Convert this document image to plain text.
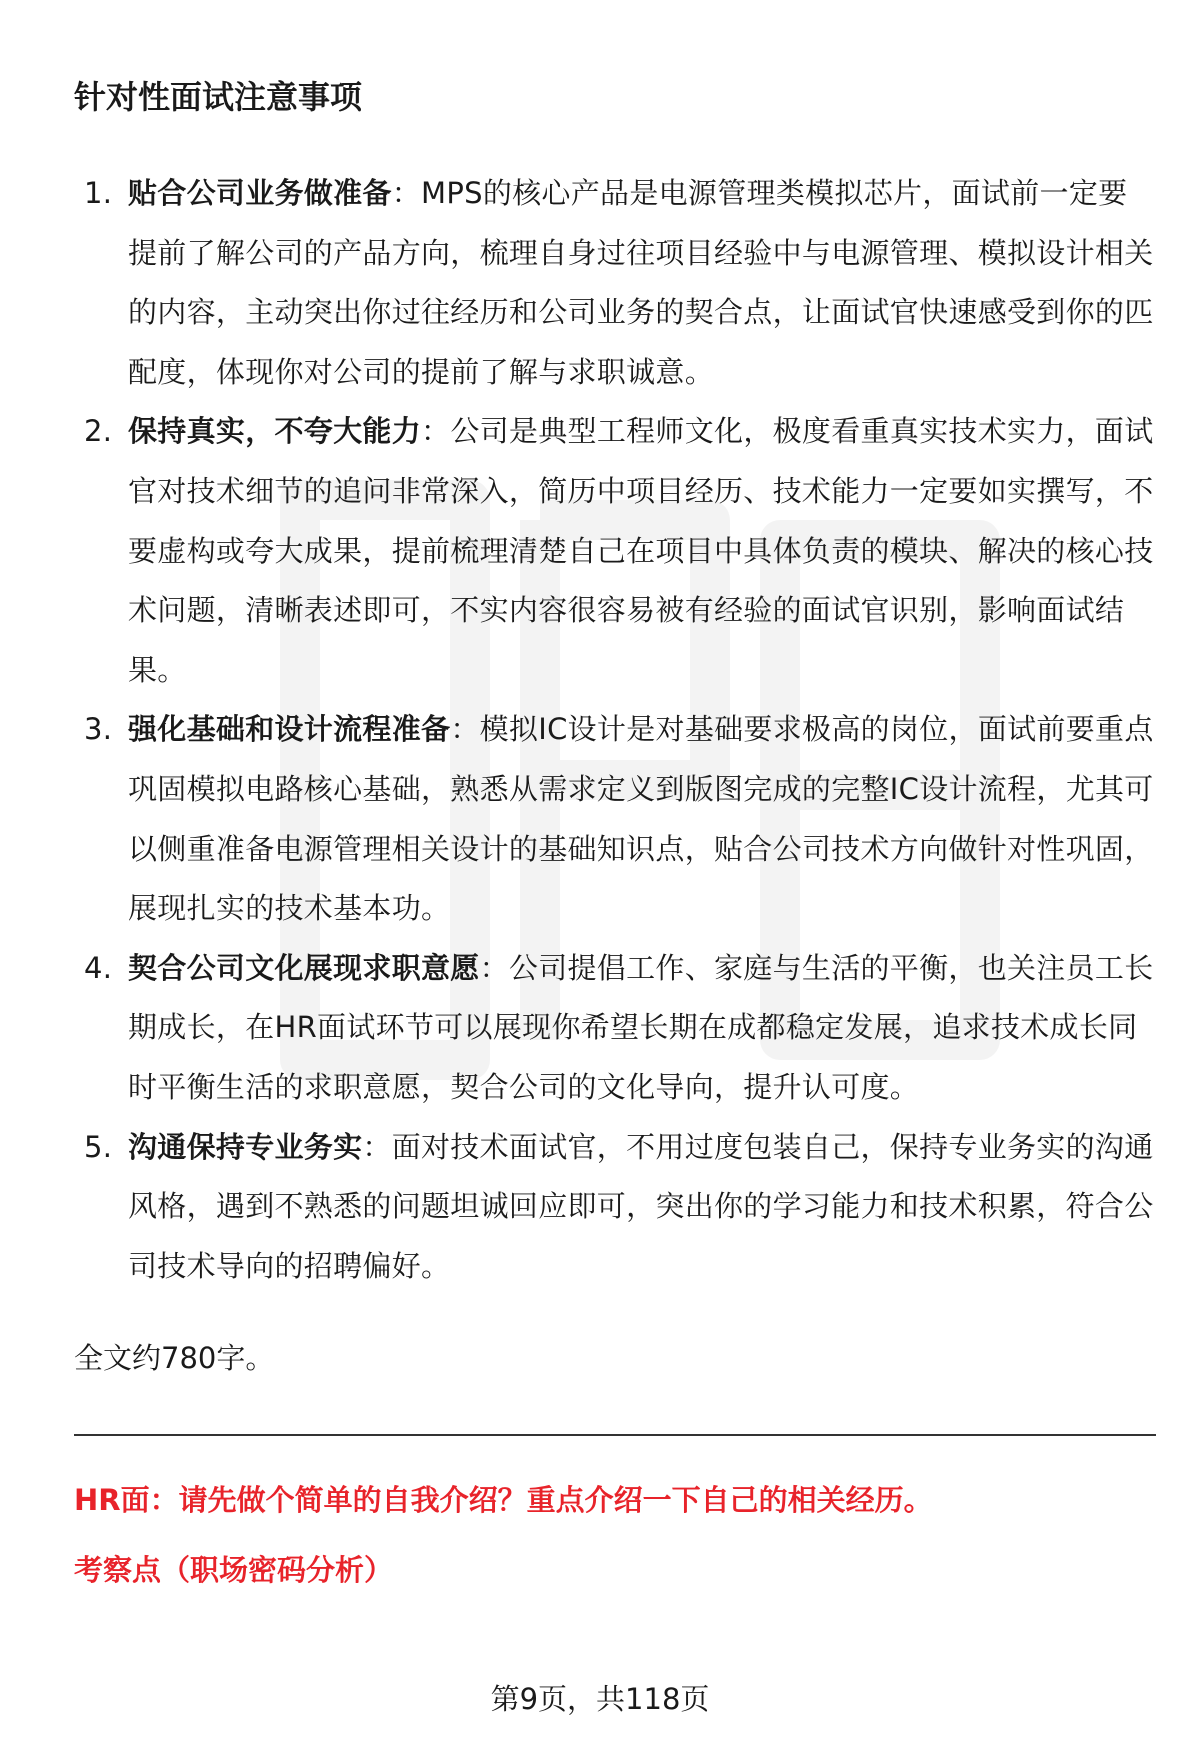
针对性面试注意事项
1. 贴合公司业务做准备：MPS的核心产品是电源管理类模拟芯片，面试前一定要提前了解公司的产品方向，梳理自身过往项目经验中与电源管理、模拟设计相关的内容，主动突出你过往经历和公司业务的契合点，让面试官快速感受到你的匹配度，体现你对公司的提前了解与求职诚意。
2. 保持真实，不夸大能力：公司是典型工程师文化，极度看重真实技术实力，面试官对技术细节的追问非常深入，简历中项目经历、技术能力一定要如实撰写，不要虚构或夸大成果，提前梳理清楚自己在项目中具体负责的模块、解决的核心技术问题，清晰表述即可，不实内容很容易被有经验的面试官识别，影响面试结果。
3. 强化基础和设计流程准备：模拟IC设计是对基础要求极高的岗位，面试前要重点巩固模拟电路核心基础，熟悉从需求定义到版图完成的完整IC设计流程，尤其可以侧重准备电源管理相关设计的基础知识点，贴合公司技术方向做针对性巩固，展现扎实的技术基本功。
4. 契合公司文化展现求职意愿：公司提倡工作、家庭与生活的平衡，也关注员工长期成长，在HR面试环节可以展现你希望长期在成都稳定发展，追求技术成长同时平衡生活的求职意愿，契合公司的文化导向，提升认可度。
5. 沟通保持专业务实：面对技术面试官，不用过度包装自己，保持专业务实的沟通风格，遇到不熟悉的问题坦诚回应即可，突出你的学习能力和技术积累，符合公司技术导向的招聘偏好。
全文约780字。
HR面：请先做个简单的自我介绍？重点介绍一下自己的相关经历。
考察点（职场密码分析）
第9页，共118页
